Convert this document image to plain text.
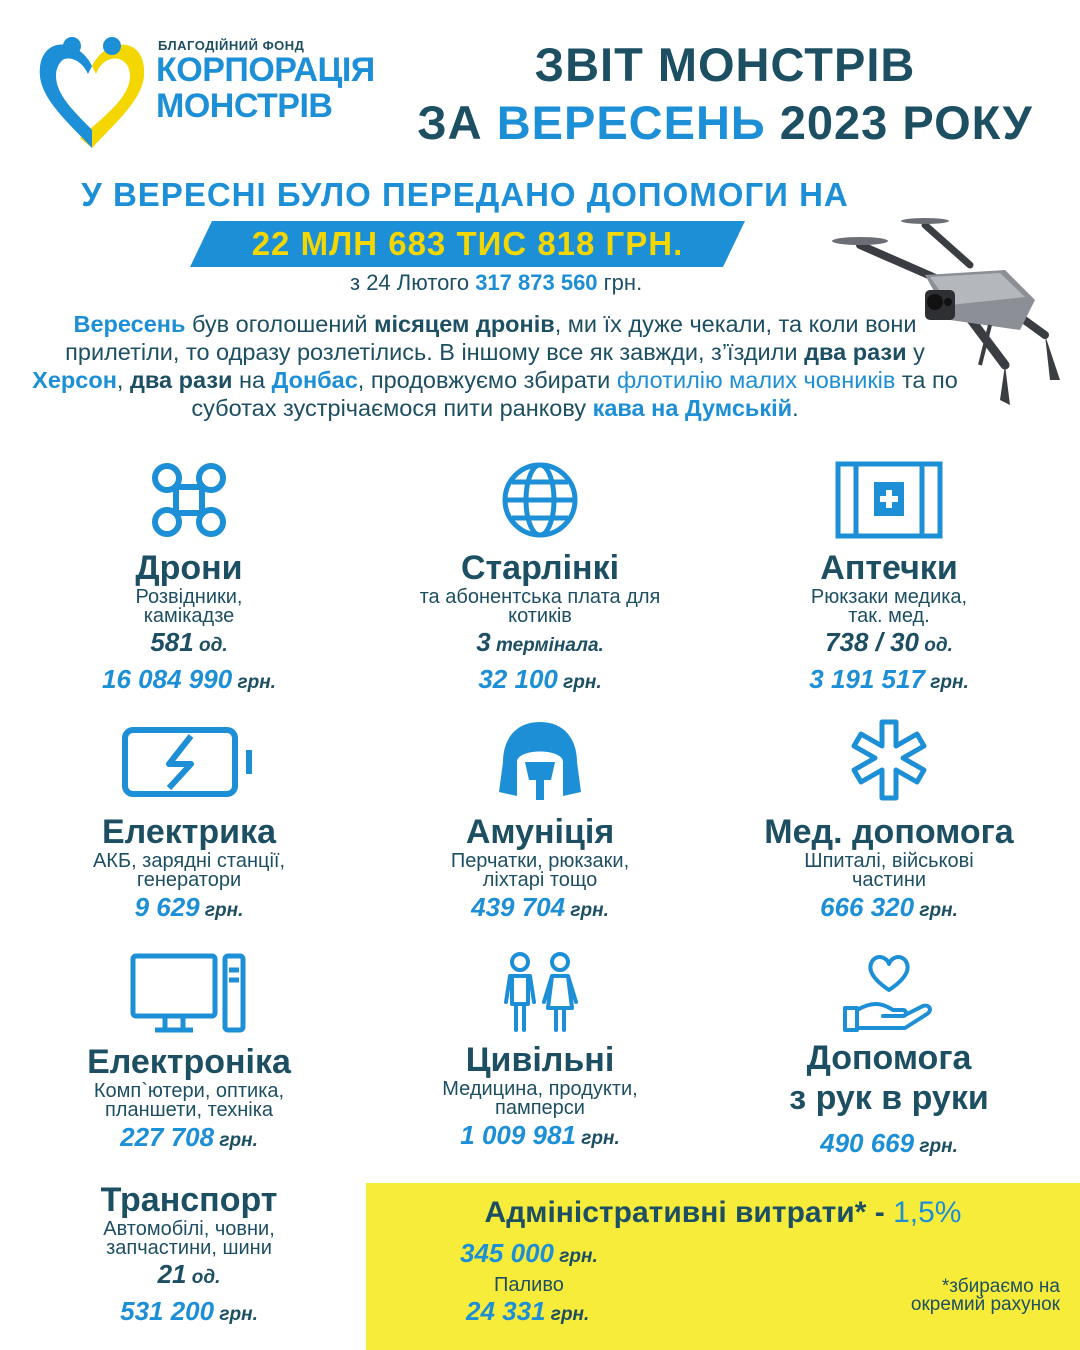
БЛАГОДІЙНИЙ ФОНД
КОРПОРАЦІЯ
МОНСТРІВ
ЗВІТ МОНСТРІВ
ЗА ВЕРЕСЕНЬ 2023 РОКУ
У ВЕРЕСНІ БУЛО ПЕРЕДАНО ДОПОМОГИ НА
22 МЛН 683 ТИС 818 ГРН.
з 24 Лютого 317 873 560 грн.
Вересень був оголошений місяцем дронів, ми їх дуже чекали, та коли вони прилетіли, то одразу розлетілись. В іншому все як завжди, з’їздили два рази у Херсон, два рази на Донбас, продовжуємо збирати флотилію малих човників та по суботах зустрічаємося пити ранкову кава на Думській.
Дрони
Розвідники,
камікадзе
581 од.
16 084 990 грн.
Старлінкі
та абонентська плата для
котиків
3 термінала.
32 100 грн.
Аптечки
Рюкзаки медика,
так. мед.
738 / 30 од.
3 191 517 грн.
Електрика
АКБ, зарядні станції,
генератори
9 629 грн.
Амуніція
Перчатки, рюкзаки,
ліхтарі тощо
439 704 грн.
Мед. допомога
Шпиталі, військові
частини
666 320 грн.
Електроніка
Комп`ютери, оптика,
планшети, техніка
227 708 грн.
Цивільні
Медицина, продукти,
памперси
1 009 981 грн.
Допомога
з рук в руки
490 669 грн.
Транспорт
Автомобілі, човни,
запчастини, шини
21 од.
531 200 грн.
Адміністративні витрати* - 1,5%
345 000 грн.
Паливо
24 331 грн.
*збираємо на
окремий рахунок
